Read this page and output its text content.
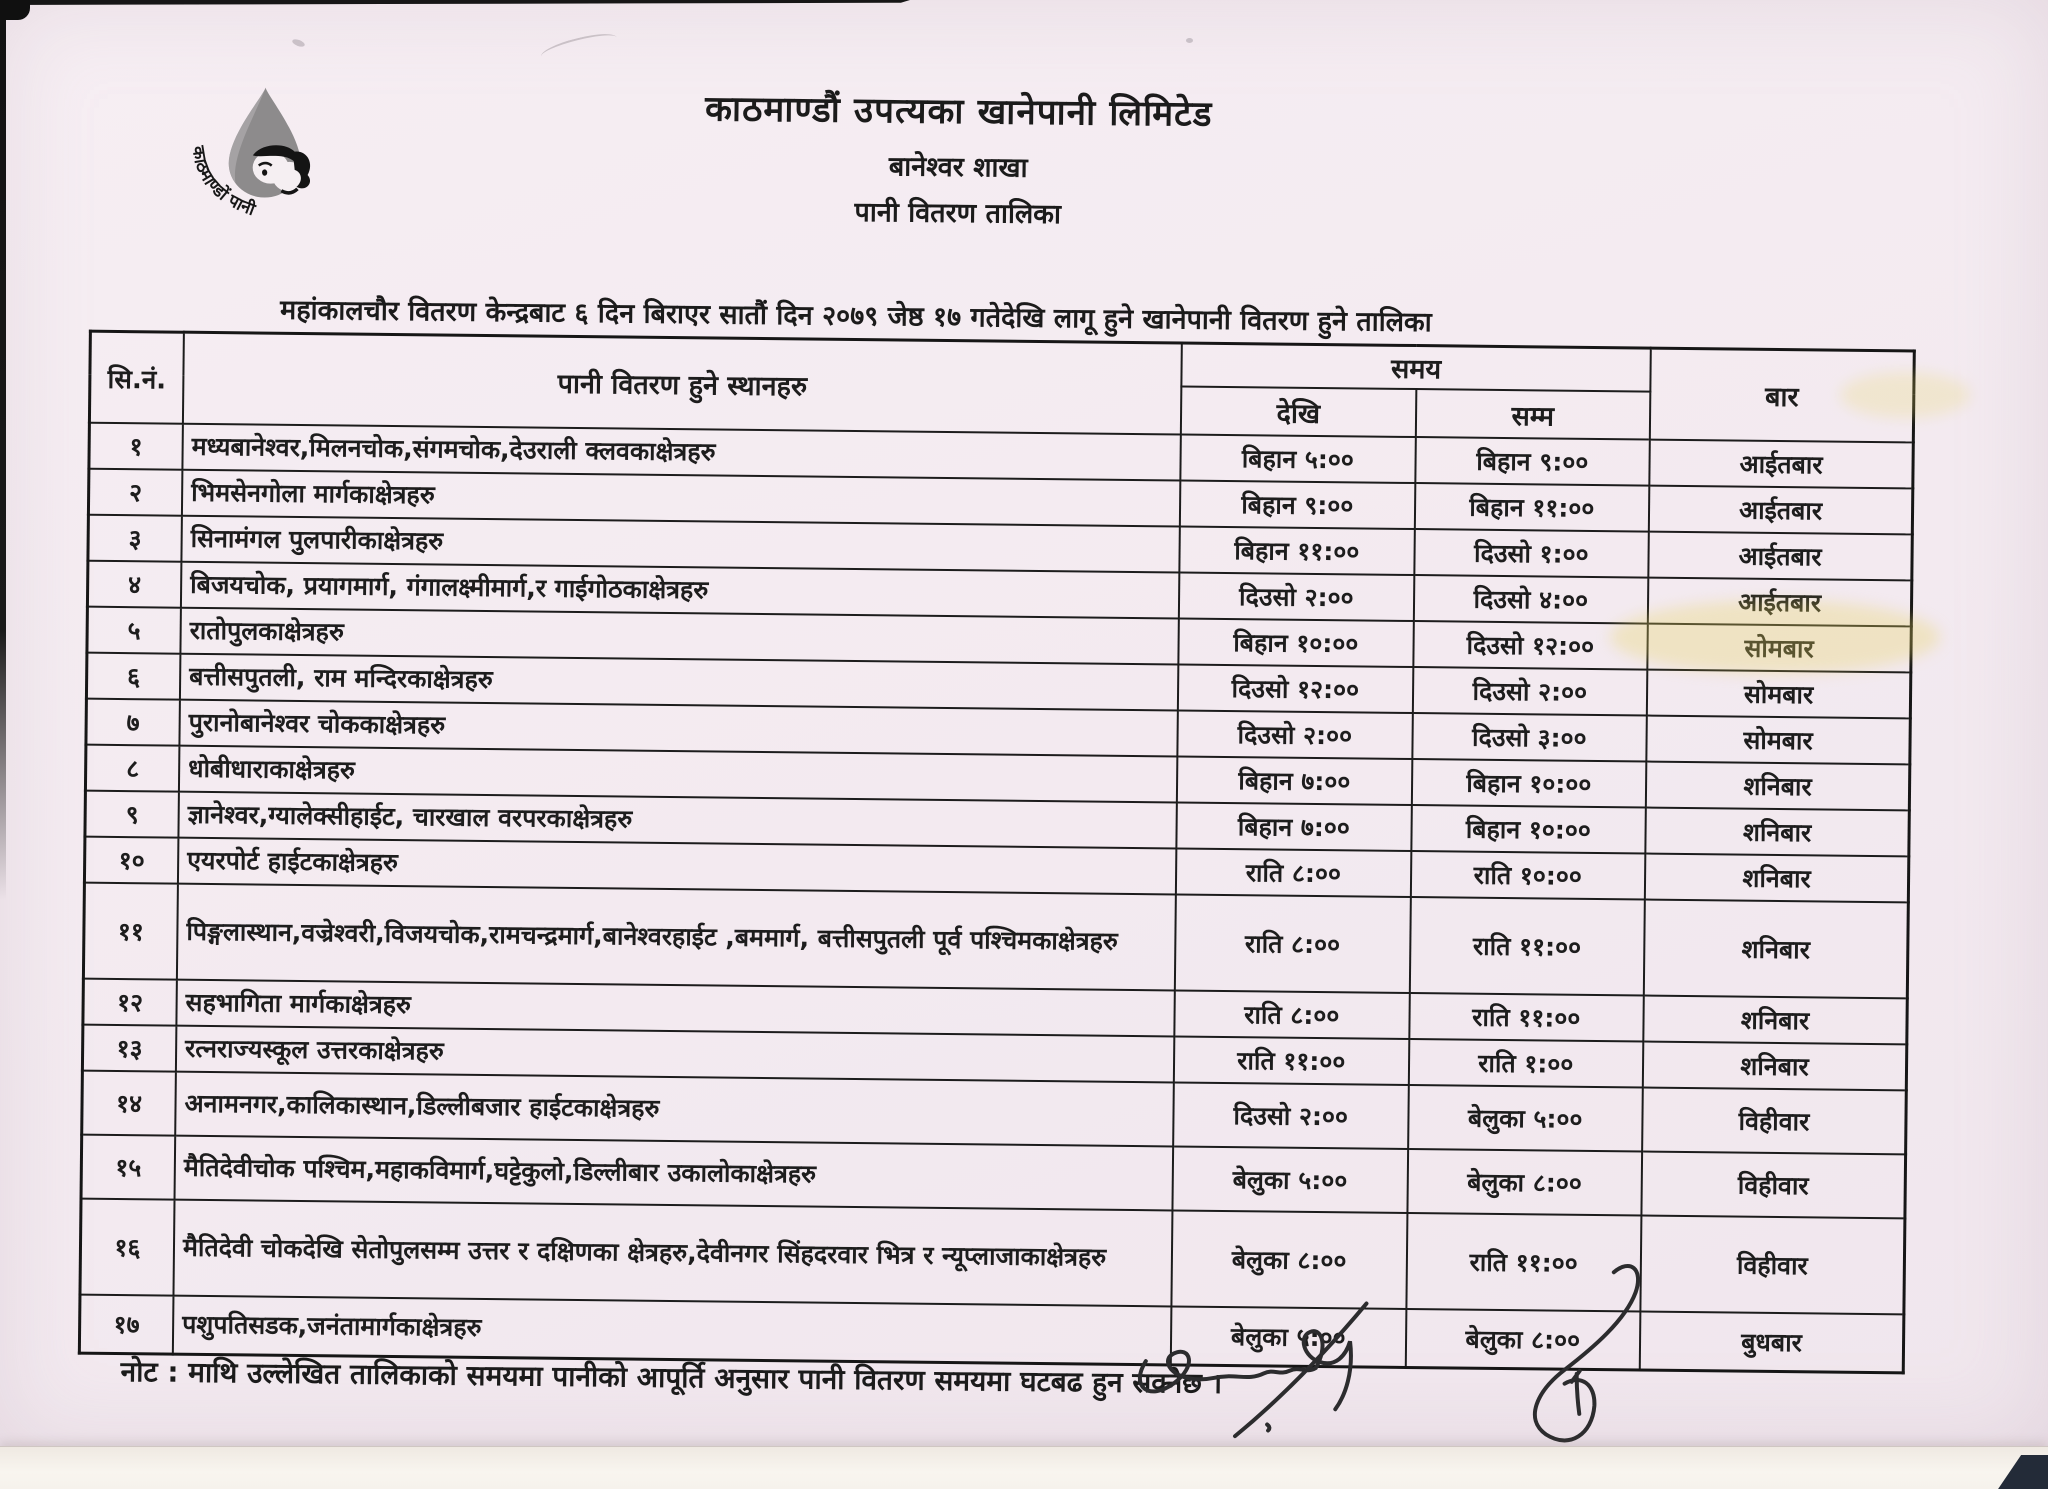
काठमाण्डों पानी
काठमाण्डौं उपत्यका खानेपानी लिमिटेड
बानेश्वर शाखा
पानी वितरण तालिका
महांकालचौर वितरण केन्द्रबाट ६ दिन बिराएर सातौं दिन २०७९ जेष्ठ १७ गतेदेखि लागू हुने खानेपानी वितरण हुने तालिका
सि.नं.	पानी वितरण हुने स्थानहरु	समय		बार
		देखि	सम्म	
१	मध्यबानेश्वर,मिलनचोक,संगमचोक,देउराली क्लवकाक्षेत्रहरु	बिहान ५:००	बिहान ९:००	आईतबार
२	भिमसेनगोला मार्गकाक्षेत्रहरु	बिहान ९:००	बिहान ११:००	आईतबार
३	सिनामंगल पुलपारीकाक्षेत्रहरु	बिहान ११:००	दिउसो १:००	आईतबार
४	बिजयचोक, प्रयागमार्ग, गंगालक्ष्मीमार्ग,र गाईगोठकाक्षेत्रहरु	दिउसो २:००	दिउसो ४:००	आईतबार
५	रातोपुलकाक्षेत्रहरु	बिहान १०:००	दिउसो १२:००	सोमबार
६	बत्तीसपुतली, राम मन्दिरकाक्षेत्रहरु	दिउसो १२:००	दिउसो २:००	सोमबार
७	पुरानोबानेश्वर चोककाक्षेत्रहरु	दिउसो २:००	दिउसो ३:००	सोमबार
८	धोबीधाराकाक्षेत्रहरु	बिहान ७:००	बिहान १०:००	शनिबार
९	ज्ञानेश्वर,ग्यालेक्सीहाईट, चारखाल वरपरकाक्षेत्रहरु	बिहान ७:००	बिहान १०:००	शनिबार
१०	एयरपोर्ट हाईटकाक्षेत्रहरु	राति ८:००	राति १०:००	शनिबार
११	पिङ्गलास्थान,वज्रेश्वरी,विजयचोक,रामचन्द्रमार्ग,बानेश्वरहाईट ,बममार्ग, बत्तीसपुतली पूर्व पश्चिमकाक्षेत्रहरु	राति ८:००	राति ११:००	शनिबार
१२	सहभागिता मार्गकाक्षेत्रहरु	राति ८:००	राति ११:००	शनिबार
१३	रत्नराज्यस्कूल उत्तरकाक्षेत्रहरु	राति ११:००	राति १:००	शनिबार
१४	अनामनगर,कालिकास्थान,डिल्लीबजार हाईटकाक्षेत्रहरु	दिउसो २:००	बेलुका ५:००	विहीवार
१५	मैतिदेवीचोक पश्चिम,महाकविमार्ग,घट्टेकुलो,डिल्लीबार उकालोकाक्षेत्रहरु	बेलुका ५:००	बेलुका ८:००	विहीवार
१६	मैतिदेवी चोकदेखि सेतोपुलसम्म उत्तर र दक्षिणका क्षेत्रहरु,देवीनगर सिंहदरवार भित्र र न्यूप्लाजाकाक्षेत्रहरु	बेलुका ८:००	राति ११:००	विहीवार
१७	पशुपतिसडक,जनंतामार्गकाक्षेत्रहरु	बेलुका ५:००	बेलुका ८:००	बुधबार
नोट : माथि उल्लेखित तालिकाको समयमा पानीको आपूर्ति अनुसार पानी वितरण समयमा घटबढ हुन सक्नेछ ।
